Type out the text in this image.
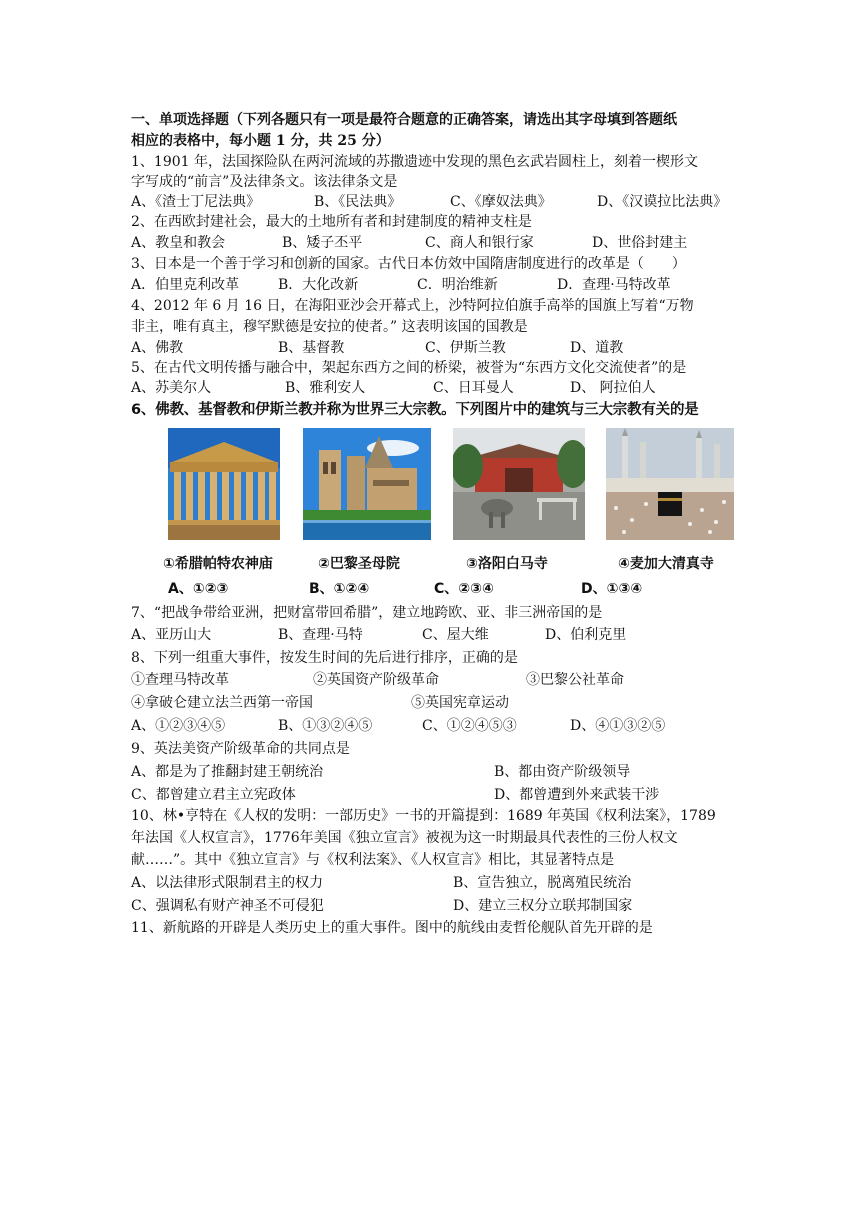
一、单项选择题（下列各题只有一项是最符合题意的正确答案，请选出其字母填到答题纸
相应的表格中，每小题 1 分，共 25 分）
1、1901 年，法国探险队在两河流域的苏撒遗迹中发现的黑色玄武岩圆柱上，刻着一楔形文
字写成的“前言”及法律条文。该法律条文是
A、《渣士丁尼法典》	B、《民法典》	C、《摩奴法典》	D、《汉谟拉比法典》
2、在西欧封建社会，最大的土地所有者和封建制度的精神支柱是
A、教皇和教会	B、矮子丕平	C、商人和银行家	D、世俗封建主
3、日本是一个善于学习和创新的国家。古代日本仿效中国隋唐制度进行的改革是（　　）
A．伯里克利改革	B．大化改新	C．明治维新	D．查理·马特改革
4、2012 年 6 月 16 日，在海阳亚沙会开幕式上，沙特阿拉伯旗手高举的国旗上写着“万物
非主，唯有真主，穆罕默德是安拉的使者。” 这表明该国的国教是
A、佛教	B、基督教	C、伊斯兰教	D、道教
5、在古代文明传播与融合中，架起东西方之间的桥梁，被誉为“东西方文化交流使者”的是
A、苏美尔人	B、雅利安人	C、日耳曼人	D、 阿拉伯人
6、佛教、基督教和伊斯兰教并称为世界三大宗教。下列图片中的建筑与三大宗教有关的是
①希腊帕特农神庙	②巴黎圣母院	③洛阳白马寺	④麦加大清真寺
A、①②③	B、①②④	C、②③④	D、①③④
7、“把战争带给亚洲，把财富带回希腊”，建立地跨欧、亚、非三洲帝国的是
A、亚历山大	B、查理·马特	C、屋大维	D、伯利克里
8、下列一组重大事件，按发生时间的先后进行排序，正确的是
①查理马特改革	②英国资产阶级革命	③巴黎公社革命
④拿破仑建立法兰西第一帝国	⑤英国宪章运动
A、①②③④⑤	B、①③②④⑤	C、①②④⑤③	D、④①③②⑤
9、英法美资产阶级革命的共同点是
A、都是为了推翻封建王朝统治	B、都由资产阶级领导
C、都曾建立君主立宪政体	D、都曾遭到外来武装干涉
10、林•亨特在《人权的发明：一部历史》一书的开篇提到：1689 年英国《权利法案》，1789
年法国《人权宣言》，1776年美国《独立宣言》被视为这一时期最具代表性的三份人权文
献……”。其中《独立宣言》与《权利法案》、《人权宣言》相比，其显著特点是
A、以法律形式限制君主的权力	B、宣告独立，脱离殖民统治
C、强调私有财产神圣不可侵犯	D、建立三权分立联邦制国家
11、新航路的开辟是人类历史上的重大事件。图中的航线由麦哲伦舰队首先开辟的是
